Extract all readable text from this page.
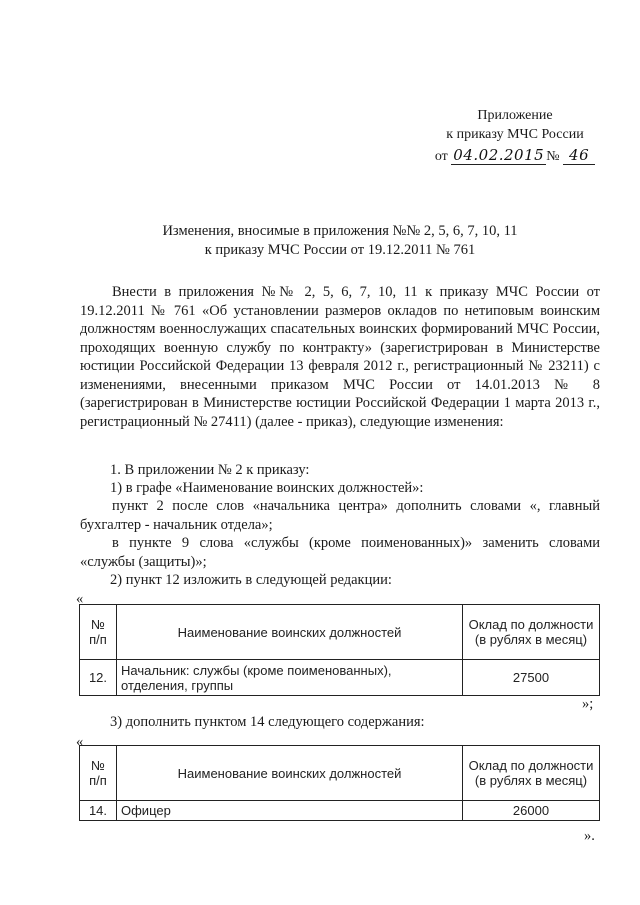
Приложение
к приказу МЧС России
от 04.02.2015 № 46
Изменения, вносимые в приложения №№ 2, 5, 6, 7, 10, 11
к приказу МЧС России от 19.12.2011 № 761
Внести в приложения №№ 2, 5, 6, 7, 10, 11 к приказу МЧС России от 19.12.2011 № 761 «Об установлении размеров окладов по нетиповым воинским должностям военнослужащих спасательных воинских формирований МЧС России, проходящих военную службу по контракту» (зарегистрирован в Министерстве юстиции Российской Федерации 13 февраля 2012 г., регистрационный № 23211) с изменениями, внесенными приказом МЧС России от 14.01.2013 № 8 (зарегистрирован в Министерстве юстиции Российской Федерации 1 марта 2013 г., регистрационный № 27411) (далее - приказ), следующие изменения:
1. В приложении № 2 к приказу:
1) в графе «Наименование воинских должностей»:
пункт 2 после слов «начальника центра» дополнить словами «, главный бухгалтер - начальник отдела»;
в пункте 9 слова «службы (кроме поименованных)» заменить словами «службы (защиты)»;
2) пункт 12 изложить в следующей редакции:
«
№ п/п	Наименование воинских должностей	Оклад по должности (в рублях в месяц)
12.	Начальник: службы (кроме поименованных), отделения, группы	27500
»;
3) дополнить пунктом 14 следующего содержания:
«
№ п/п	Наименование воинских должностей	Оклад по должности (в рублях в месяц)
14.	Офицер	26000
».
